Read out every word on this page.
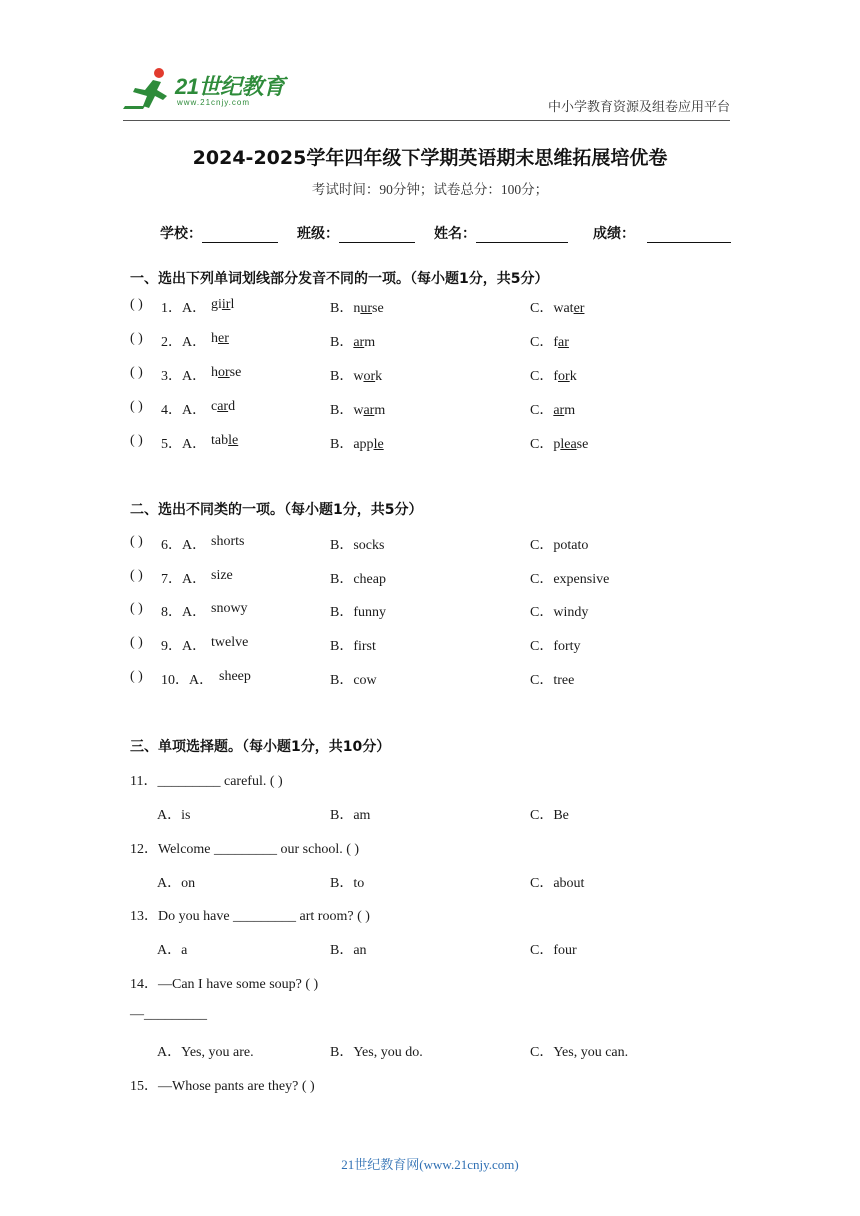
21世纪教育
www.21cnjy.com	中小学教育资源及组卷应用平台
2024-2025学年四年级下学期英语期末思维拓展培优卷
考试时间：90分钟；试卷总分：100分；
学校：	班级：	姓名：	成绩：
一、选出下列单词划线部分发音不同的一项。（每小题1分，共5分）
( ) 1．A． giirl	B．nurse	C．water
( ) 2．A． her	B．arm	C．far
( ) 3．A． horse	B．work	C．fork
( ) 4．A． card	B．warm	C．arm
( ) 5．A． table	B．apple	C．please
二、选出不同类的一项。（每小题1分，共5分）
( ) 6．A． shorts	B．socks	C．potato
( ) 7．A． size	B．cheap	C．expensive
( ) 8．A． snowy	B．funny	C．windy
( ) 9．A． twelve	B．first	C．forty
( ) 10．A． sheep	B．cow	C．tree
三、单项选择题。（每小题1分，共10分）
11．_________ careful. ( )
A．is	B．am	C．Be
12．Welcome _________ our school. ( )
A．on	B．to	C．about
13．Do you have _________ art room? ( )
A．a	B．an	C．four
14．—Can I have some soup? ( )
—_________
A．Yes, you are.	B．Yes, you do.	C．Yes, you can.
15．—Whose pants are they? ( )
21世纪教育网(www.21cnjy.com)
